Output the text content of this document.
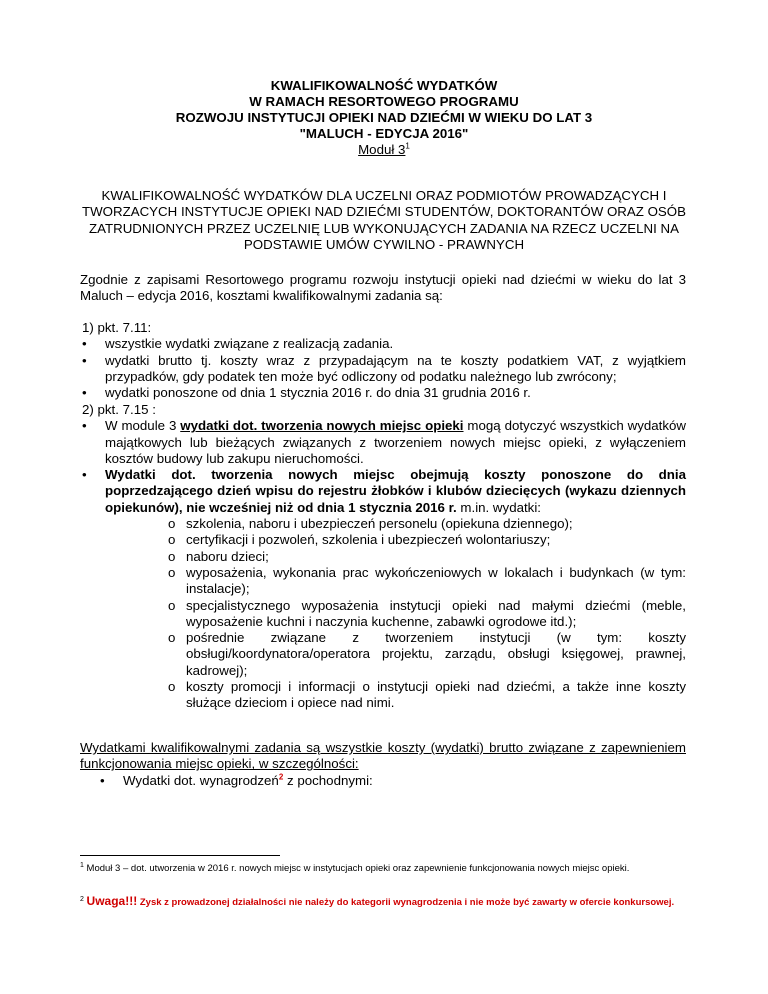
KWALIFIKOWALNOŚĆ WYDATKÓW
W RAMACH RESORTOWEGO PROGRAMU
ROZWOJU INSTYTUCJI OPIEKI NAD DZIEĆMI W WIEKU DO LAT 3
"MALUCH - EDYCJA 2016"
Moduł $3^1$
KWALIFIKOWALNOŚĆ WYDATKÓW DLA UCZELNI ORAZ PODMIOTÓW PROWADZĄCYCH I TWORZACYCH INSTYTUCJE OPIEKI NAD DZIEĆMI STUDENTÓW, DOKTORANTÓW ORAZ OSÓB ZATRUDNIONYCH PRZEZ UCZELNIĘ LUB WYKONUJĄCYCH ZADANIA NA RZECZ UCZELNI NA PODSTAWIE UMÓW CYWILNO - PRAWNYCH
Zgodnie z zapisami Resortowego programu rozwoju instytucji opieki nad dziećmi w wieku do lat 3 Maluch – edycja 2016, kosztami kwalifikowalnymi zadania są:
1) pkt. 7.11:
• wszystkie wydatki związane z realizacją zadania.
• wydatki brutto tj. koszty wraz z przypadającym na te koszty podatkiem VAT, z wyjątkiem przypadków, gdy podatek ten może być odliczony od podatku należnego lub zwrócony;
• wydatki ponoszone od dnia 1 stycznia 2016 r. do dnia 31 grudnia 2016 r.
2) pkt. 7.15 :
• W module 3 wydatki dot. tworzenia nowych miejsc opieki mogą dotyczyć wszystkich wydatków majątkowych lub bieżących związanych z tworzeniem nowych miejsc opieki, z wyłączeniem kosztów budowy lub zakupu nieruchomości.
• Wydatki dot. tworzenia nowych miejsc obejmują koszty ponoszone do dnia poprzedzającego dzień wpisu do rejestru żłobków i klubów dziecięcych (wykazu dziennych opiekunów), nie wcześniej niż od dnia 1 stycznia 2016 r. m.in. wydatki:
o szkolenia, naboru i ubezpieczeń personelu (opiekuna dziennego);
o certyfikacji i pozwoleń, szkolenia i ubezpieczeń wolontariuszy;
o naboru dzieci;
o wyposażenia, wykonania prac wykończeniowych w lokalach i budynkach (w tym: instalacje);
o specjalistycznego wyposażenia instytucji opieki nad małymi dziećmi (meble, wyposażenie kuchni i naczynia kuchenne, zabawki ogrodowe itd.);
o pośrednie związane z tworzeniem instytucji (w tym: koszty obsługi/koordynatora/operatora projektu, zarządu, obsługi księgowej, prawnej, kadrowej);
o koszty promocji i informacji o instytucji opieki nad dziećmi, a także inne koszty służące dzieciom i opiece nad nimi.
Wydatkami kwalifikowalnymi zadania są wszystkie koszty (wydatki) brutto związane z zapewnieniem funkcjonowania miejsc opieki, w szczególności:
• Wydatki dot. wynagrodzeń$^2$ z pochodnymi:
$^1$ Moduł 3 – dot. utworzenia w 2016 r. nowych miejsc w instytucjach opieki oraz zapewnienie funkcjonowania nowych miejsc opieki.
$^2$ Uwaga!!! Zysk z prowadzonej działalności nie należy do kategorii wynagrodzenia i nie może być zawarty w ofercie konkursowej.
